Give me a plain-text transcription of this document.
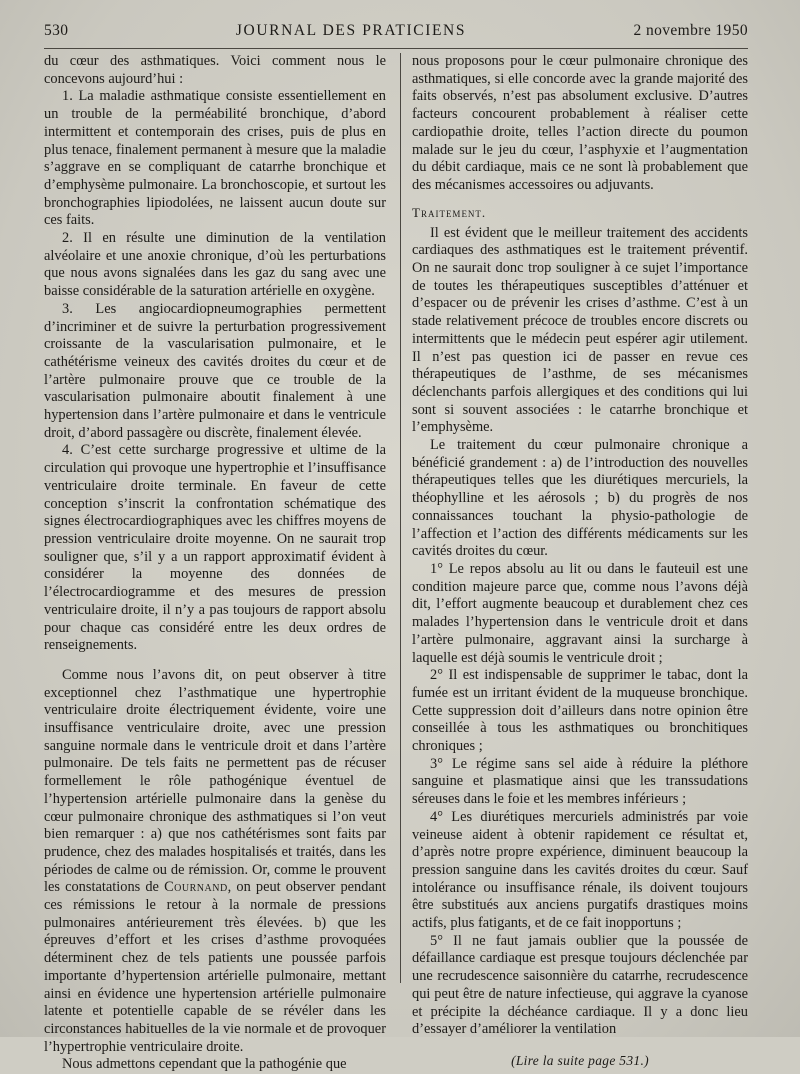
530	JOURNAL DES PRATICIENS	2 novembre 1950

du cœur des asthmatiques. Voici comment nous le concevons aujourd’hui :

1. La maladie asthmatique consiste essentiellement en un trouble de la perméabilité bronchique, d’abord intermittent et contemporain des crises, puis de plus en plus tenace, finalement permanent à mesure que la maladie s’aggrave en se compliquant de catarrhe bronchique et d’emphysème pulmonaire. La bronchoscopie, et surtout les bronchographies lipiodolées, ne laissent aucun doute sur ces faits.

2. Il en résulte une diminution de la ventilation alvéolaire et une anoxie chronique, d’où les perturbations que nous avons signalées dans les gaz du sang avec une baisse considérable de la saturation artérielle en oxygène.

3. Les angiocardiopneumographies permettent d’incriminer et de suivre la perturbation progressivement croissante de la vascularisation pulmonaire, et le cathétérisme veineux des cavités droites du cœur et de l’artère pulmonaire prouve que ce trouble de la vascularisation pulmonaire aboutit finalement à une hypertension dans l’artère pulmonaire et dans le ventricule droit, d’abord passagère ou discrète, finalement élevée.

4. C’est cette surcharge progressive et ultime de la circulation qui provoque une hypertrophie et l’insuffisance ventriculaire droite terminale. En faveur de cette conception s’inscrit la confrontation schématique des signes électrocardiographiques avec les chiffres moyens de pression ventriculaire droite moyenne. On ne saurait trop souligner que, s’il y a un rapport approximatif évident à considérer la moyenne des données de l’électrocardiogramme et des mesures de pression ventriculaire droite, il n’y a pas toujours de rapport absolu pour chaque cas considéré entre les deux ordres de renseignements.

Comme nous l’avons dit, on peut observer à titre exceptionnel chez l’asthmatique une hypertrophie ventriculaire droite électriquement évidente, voire une insuffisance ventriculaire droite, avec une pression sanguine normale dans le ventricule droit et dans l’artère pulmonaire. De tels faits ne permettent pas de récuser formellement le rôle pathogénique éventuel de l’hypertension artérielle pulmonaire dans la genèse du cœur pulmonaire chronique des asthmatiques si l’on veut bien remarquer : a) que nos cathétérismes sont faits par prudence, chez des malades hospitalisés et traités, dans les périodes de calme ou de rémission. Or, comme le prouvent les constatations de Cournand, on peut observer pendant ces rémissions le retour à la normale de pressions pulmonaires antérieurement très élevées. b) que les épreuves d’effort et les crises d’asthme provoquées déterminent chez de tels patients une poussée parfois importante d’hypertension artérielle pulmonaire, mettant ainsi en évidence une hypertension artérielle pulmonaire latente et potentielle capable de se révéler dans les circonstances habituelles de la vie normale et de provoquer l’hypertrophie ventriculaire droite.

Nous admettons cependant que la pathogénie que

nous proposons pour le cœur pulmonaire chronique des asthmatiques, si elle concorde avec la grande majorité des faits observés, n’est pas absolument exclusive. D’autres facteurs concourent probablement à réaliser cette cardiopathie droite, telles l’action directe du poumon malade sur le jeu du cœur, l’asphyxie et l’augmentation du débit cardiaque, mais ce ne sont là probablement que des mécanismes accessoires ou adjuvants.

Traitement.

Il est évident que le meilleur traitement des accidents cardiaques des asthmatiques est le traitement préventif. On ne saurait donc trop souligner à ce sujet l’importance de toutes les thérapeutiques susceptibles d’atténuer et d’espacer ou de prévenir les crises d’asthme. C’est à un stade relativement précoce de troubles encore discrets ou intermittents que le médecin peut espérer agir utilement. Il n’est pas question ici de passer en revue ces thérapeutiques de l’asthme, de ses mécanismes déclenchants parfois allergiques et des conditions qui lui sont si souvent associées : le catarrhe bronchique et l’emphysème.

Le traitement du cœur pulmonaire chronique a bénéficié grandement : a) de l’introduction des nouvelles thérapeutiques telles que les diurétiques mercuriels, la théophylline et les aérosols ; b) du progrès de nos connaissances touchant la physio-pathologie de l’affection et l’action des différents médicaments sur les cavités droites du cœur.

1° Le repos absolu au lit ou dans le fauteuil est une condition majeure parce que, comme nous l’avons déjà dit, l’effort augmente beaucoup et durablement chez ces malades l’hypertension dans le ventricule droit et dans l’artère pulmonaire, aggravant ainsi la surcharge à laquelle est déjà soumis le ventricule droit ;

2° Il est indispensable de supprimer le tabac, dont la fumée est un irritant évident de la muqueuse bronchique. Cette suppression doit d’ailleurs dans notre opinion être conseillée à tous les asthmatiques ou bronchitiques chroniques ;

3° Le régime sans sel aide à réduire la pléthore sanguine et plasmatique ainsi que les transsudations séreuses dans le foie et les membres inférieurs ;

4° Les diurétiques mercuriels administrés par voie veineuse aident à obtenir rapidement ce résultat et, d’après notre propre expérience, diminuent beaucoup la pression sanguine dans les cavités droites du cœur. Sauf intolérance ou insuffisance rénale, ils doivent toujours être substitués aux anciens purgatifs drastiques moins actifs, plus fatigants, et de ce fait inopportuns ;

5° Il ne faut jamais oublier que la poussée de défaillance cardiaque est presque toujours déclenchée par une recrudescence saisonnière du catarrhe, recrudescence qui peut être de nature infectieuse, qui aggrave la cyanose et précipite la déchéance cardiaque. Il y a donc lieu d’essayer d’améliorer la ventilation

(Lire la suite page 531.)
